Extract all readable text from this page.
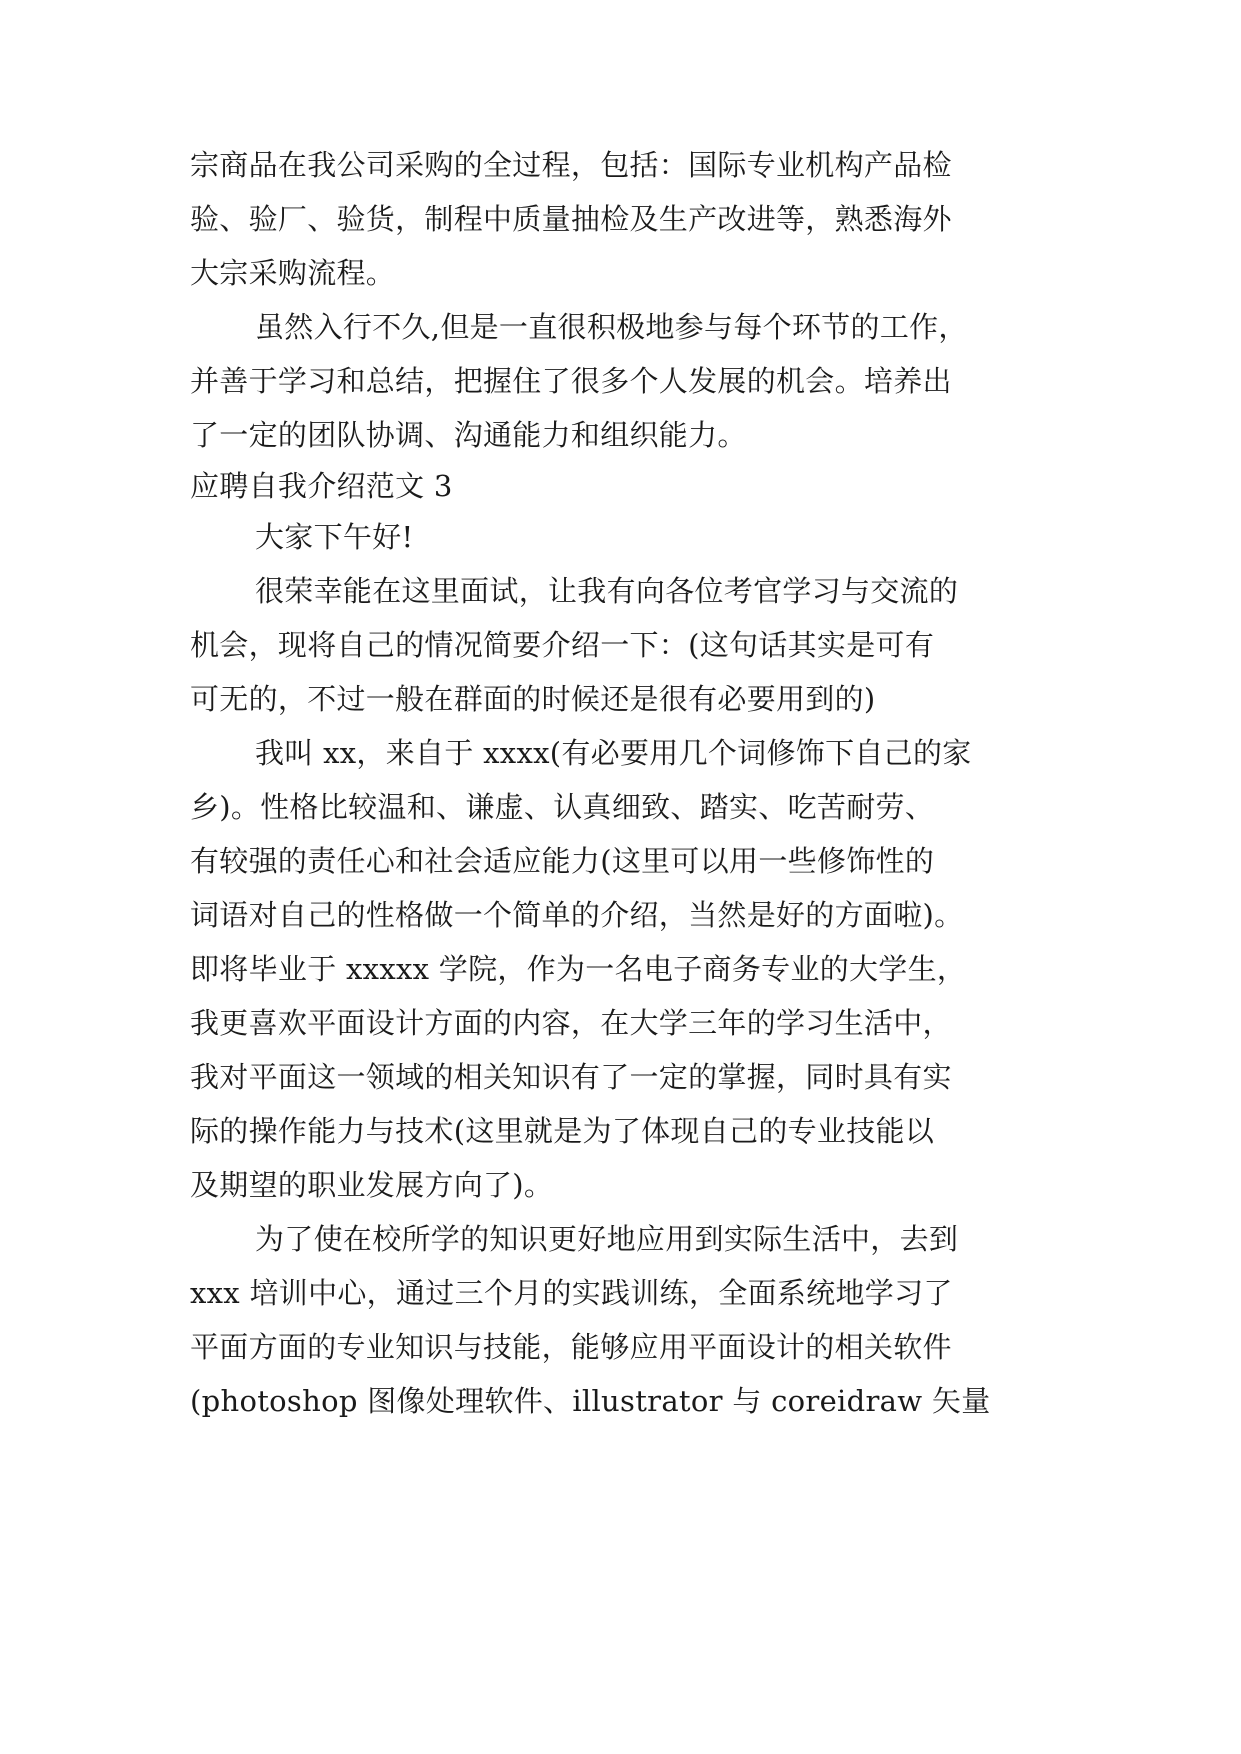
宗商品在我公司采购的全过程，包括：国际专业机构产品检
验、验厂、验货，制程中质量抽检及生产改进等，熟悉海外
大宗采购流程。
虽然入行不久,但是一直很积极地参与每个环节的工作，
并善于学习和总结，把握住了很多个人发展的机会。培养出
了一定的团队协调、沟通能力和组织能力。
应聘自我介绍范文 3
大家下午好!
很荣幸能在这里面试，让我有向各位考官学习与交流的
机会，现将自己的情况简要介绍一下：(这句话其实是可有
可无的，不过一般在群面的时候还是很有必要用到的)
我叫 xx，来自于 xxxx(有必要用几个词修饰下自己的家
乡)。性格比较温和、谦虚、认真细致、踏实、吃苦耐劳、
有较强的责任心和社会适应能力(这里可以用一些修饰性的
词语对自己的性格做一个简单的介绍，当然是好的方面啦)。
即将毕业于 xxxxx 学院，作为一名电子商务专业的大学生，
我更喜欢平面设计方面的内容，在大学三年的学习生活中，
我对平面这一领域的相关知识有了一定的掌握，同时具有实
际的操作能力与技术(这里就是为了体现自己的专业技能以
及期望的职业发展方向了)。
为了使在校所学的知识更好地应用到实际生活中，去到
xxx 培训中心，通过三个月的实践训练，全面系统地学习了
平面方面的专业知识与技能，能够应用平面设计的相关软件
(photoshop 图像处理软件、illustrator 与 coreidraw 矢量
